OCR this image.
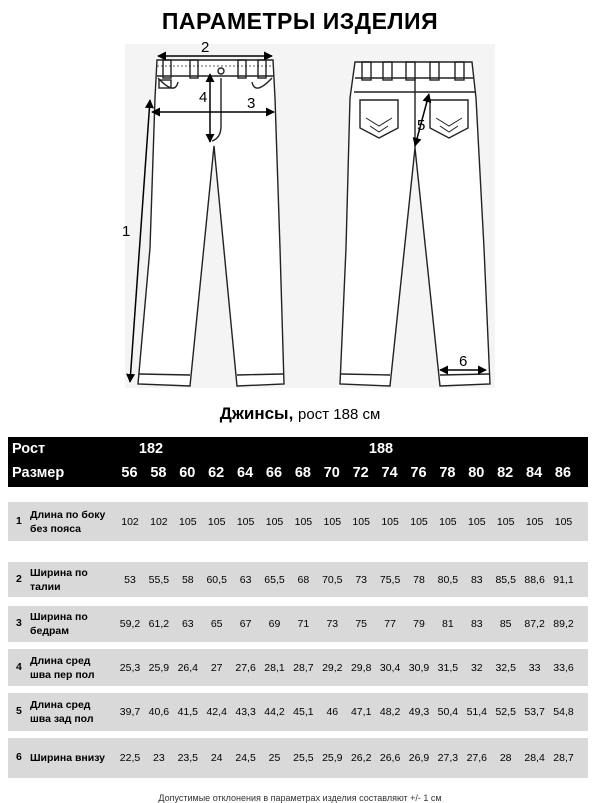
ПАРАМЕТРЫ ИЗДЕЛИЯ
2
3
4
1
5
6
Джинсы, рост 188 см
Рост	182	188
Размер	56 58 60 62 64 66 68 70 72 74 76 78 80 82 84 86
1 Длина по боку
без пояса
102	102	105	105	105	105	105	105	105	105	105	105	105	105	105	105
2 Ширина по
талии
53	55,5	58	60,5	63	65,5	68	70,5	73	75,5	78	80,5	83	85,5 88,6 91,1
3 Ширина по
бедрам
59,2 61,2	63	65	67	69	71	73	75	77	79	81	83	85	87,2 89,2
4 Длина сред
шва пер пол
25,3 25,9 26,4	27	27,6 28,1 28,7 29,2 29,8 30,4 30,9 31,5	32	32,5	33	33,6
5 Длина сред
шва зад пол
39,7 40,6 41,5 42,4 43,3 44,2 45,1	46	47,1 48,2 49,3 50,4 51,4 52,5 53,7 54,8
6 Ширина внизу	22,5	23	23,5	24	24,5	25	25,5 25,9 26,2 26,6 26,9 27,3 27,6	28	28,4 28,7
Допустимые отклонения в параметрах изделия составляют +/- 1 см
